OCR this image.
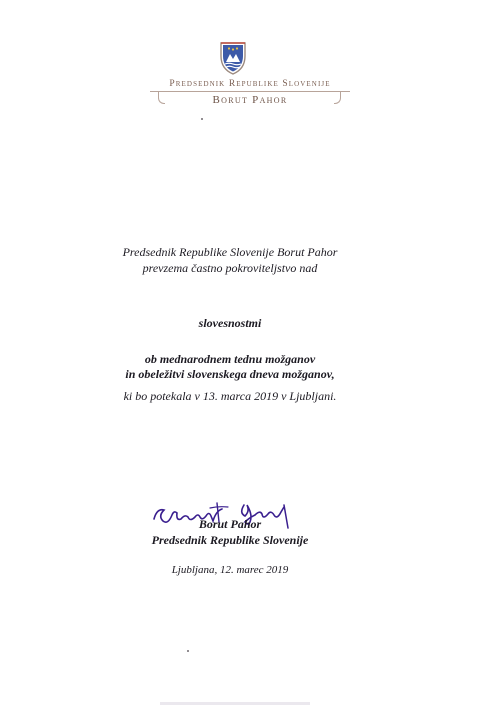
Predsednik Republike Slovenije
Borut Pahor
Predsednik Republike Slovenije Borut Pahor
prevzema častno pokroviteljstvo nad
slovesnostmi
ob mednarodnem tednu možganov
in obeležitvi slovenskega dneva možganov,
ki bo potekala v 13. marca 2019 v Ljubljani.
Borut Pahor
Predsednik Republike Slovenije
Ljubljana, 12. marec 2019
